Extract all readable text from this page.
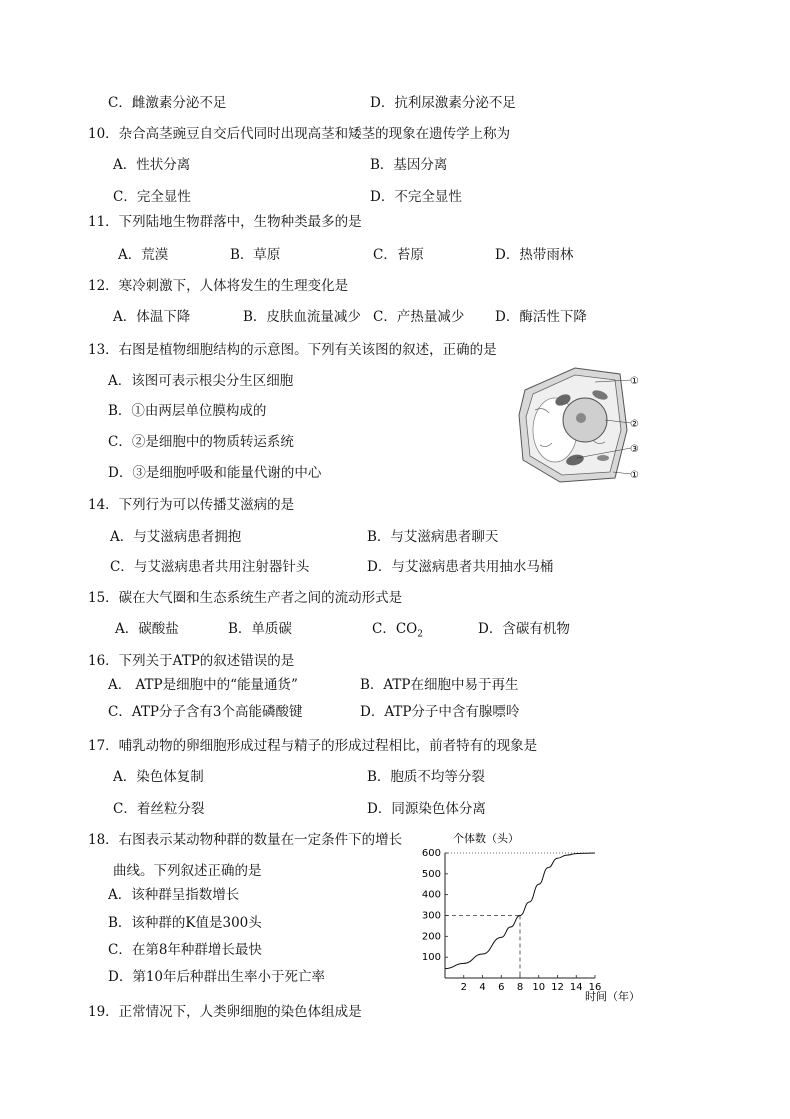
C．雌激素分泌不足	D．抗利尿激素分泌不足
10．杂合高茎豌豆自交后代同时出现高茎和矮茎的现象在遗传学上称为
A．性状分离	B．基因分离
C．完全显性	D．不完全显性
11．下列陆地生物群落中，生物种类最多的是
A．荒漠	B．草原	C．苔原	D．热带雨林
12．寒冷刺激下，人体将发生的生理变化是
A．体温下降	B．皮肤血流量减少 C．产热量减少 D．酶活性下降
13．右图是植物细胞结构的示意图。下列有关该图的叙述，正确的是
A．该图可表示根尖分生区细胞
B．①由两层单位膜构成的
C．②是细胞中的物质转运系统
D．③是细胞呼吸和能量代谢的中心
①
②
③
①
14．下列行为可以传播艾滋病的是
A．与艾滋病患者拥抱	B．与艾滋病患者聊天
C．与艾滋病患者共用注射器针头	D．与艾滋病患者共用抽水马桶
15．碳在大气圈和生态系统生产者之间的流动形式是
A．碳酸盐	B．单质碳	C．$CO_2$	D．含碳有机物
16．下列关于ATP的叙述错误的是
A． ATP是细胞中的“能量通货”	B．ATP在细胞中易于再生
C．ATP分子含有3个高能磷酸键	D．ATP分子中含有腺嘌呤
17．哺乳动物的卵细胞形成过程与精子的形成过程相比，前者特有的现象是
A．染色体复制	B．胞质不均等分裂
C．着丝粒分裂	D．同源染色体分离
18．右图表示某动物种群的数量在一定条件下的增长
曲线。下列叙述正确的是
A．该种群呈指数增长
B．该种群的K值是300头
C．在第8年种群增长最快
D．第10年后种群出生率小于死亡率
个体数（头）
时间（年）
2 4 6 8 10 12 14 16
100
200
300
400
500
600
19．正常情况下，人类卵细胞的染色体组成是
